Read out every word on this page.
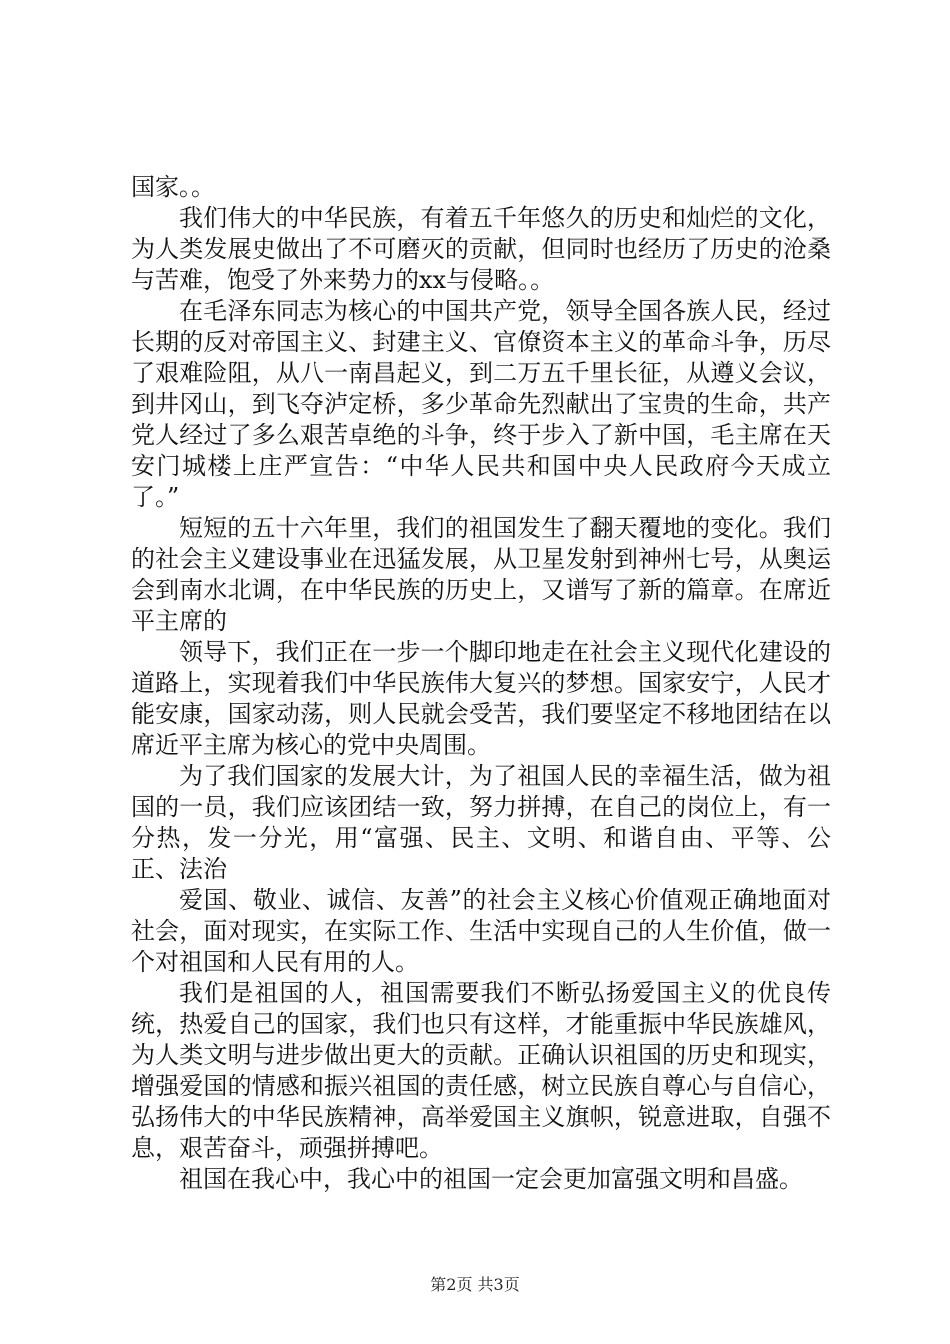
国家。。

我们伟大的中华民族，有着五千年悠久的历史和灿烂的文化，为人类发展史做出了不可磨灭的贡献，但同时也经历了历史的沧桑与苦难，饱受了外来势力的xx与侵略。。

在毛泽东同志为核心的中国共产党，领导全国各族人民，经过长期的反对帝国主义、封建主义、官僚资本主义的革命斗争，历尽了艰难险阻，从八一南昌起义，到二万五千里长征，从遵义会议，到井冈山，到飞夺泸定桥，多少革命先烈献出了宝贵的生命，共产党人经过了多么艰苦卓绝的斗争，终于步入了新中国，毛主席在天安门城楼上庄严宣告：“中华人民共和国中央人民政府今天成立了。”

短短的五十六年里，我们的祖国发生了翻天覆地的变化。我们的社会主义建设事业在迅猛发展，从卫星发射到神州七号，从奥运会到南水北调，在中华民族的历史上，又谱写了新的篇章。在席近平主席的

领导下，我们正在一步一个脚印地走在社会主义现代化建设的道路上，实现着我们中华民族伟大复兴的梦想。国家安宁，人民才能安康，国家动荡，则人民就会受苦，我们要坚定不移地团结在以席近平主席为核心的党中央周围。

为了我们国家的发展大计，为了祖国人民的幸福生活，做为祖国的一员，我们应该团结一致，努力拼搏，在自己的岗位上，有一分热，发一分光，用“富强、民主、文明、和谐自由、平等、公正、法治

爱国、敬业、诚信、友善”的社会主义核心价值观正确地面对社会，面对现实，在实际工作、生活中实现自己的人生价值，做一个对祖国和人民有用的人。

我们是祖国的人，祖国需要我们不断弘扬爱国主义的优良传统，热爱自己的国家，我们也只有这样，才能重振中华民族雄风，为人类文明与进步做出更大的贡献。正确认识祖国的历史和现实，增强爱国的情感和振兴祖国的责任感，树立民族自尊心与自信心，弘扬伟大的中华民族精神，高举爱国主义旗帜，锐意进取，自强不息，艰苦奋斗，顽强拼搏吧。

祖国在我心中，我心中的祖国一定会更加富强文明和昌盛。

第2页 共3页
